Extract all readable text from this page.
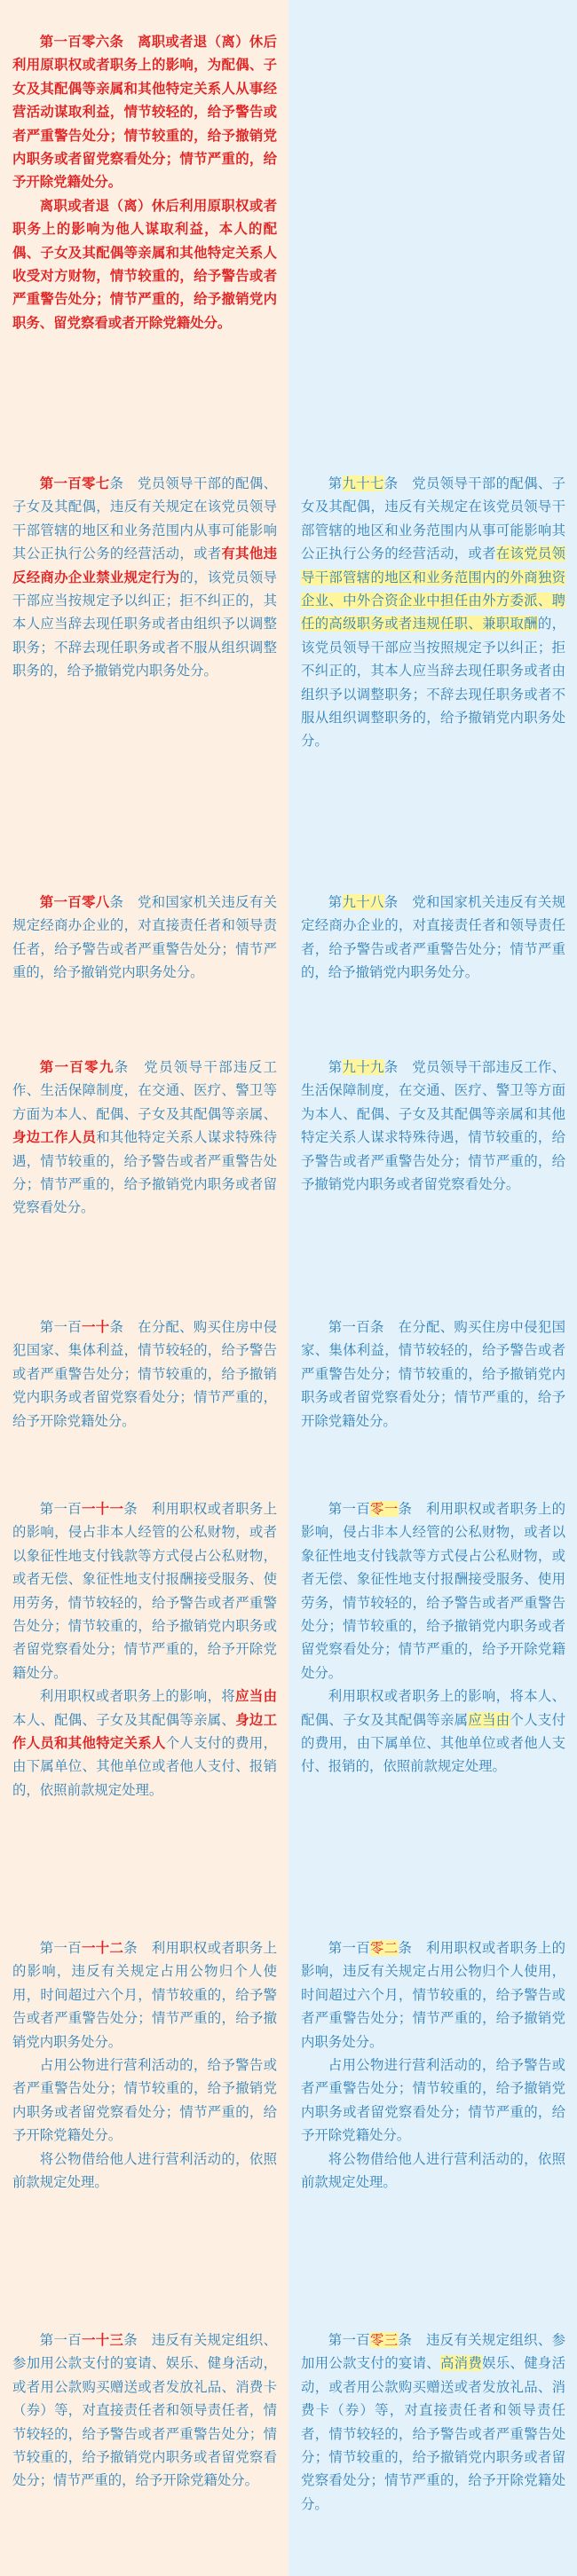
第一百零六条　离职或者退（离）休后利用原职权或者职务上的影响，为配偶、子女及其配偶等亲属和其他特定关系人从事经营活动谋取利益，情节较轻的，给予警告或者严重警告处分；情节较重的，给予撤销党内职务或者留党察看处分；情节严重的，给予开除党籍处分。

离职或者退（离）休后利用原职权或者职务上的影响为他人谋取利益，本人的配偶、子女及其配偶等亲属和其他特定关系人收受对方财物，情节较重的，给予警告或者严重警告处分；情节严重的，给予撤销党内职务、留党察看或者开除党籍处分。

第一百零七条　党员领导干部的配偶、子女及其配偶，违反有关规定在该党员领导干部管辖的地区和业务范围内从事可能影响其公正执行公务的经营活动，或者有其他违反经商办企业禁业规定行为的，该党员领导干部应当按规定予以纠正；拒不纠正的，其本人应当辞去现任职务或者由组织予以调整职务；不辞去现任职务或者不服从组织调整职务的，给予撤销党内职务处分。

第一百零八条　党和国家机关违反有关规定经商办企业的，对直接责任者和领导责任者，给予警告或者严重警告处分；情节严重的，给予撤销党内职务处分。

第一百零九条　党员领导干部违反工作、生活保障制度，在交通、医疗、警卫等方面为本人、配偶、子女及其配偶等亲属、身边工作人员和其他特定关系人谋求特殊待遇，情节较重的，给予警告或者严重警告处分；情节严重的，给予撤销党内职务或者留党察看处分。

第一百一十条　在分配、购买住房中侵犯国家、集体利益，情节较轻的，给予警告或者严重警告处分；情节较重的，给予撤销党内职务或者留党察看处分；情节严重的，给予开除党籍处分。

第一百一十一条　利用职权或者职务上的影响，侵占非本人经管的公私财物，或者以象征性地支付钱款等方式侵占公私财物，或者无偿、象征性地支付报酬接受服务、使用劳务，情节较轻的，给予警告或者严重警告处分；情节较重的，给予撤销党内职务或者留党察看处分；情节严重的，给予开除党籍处分。

利用职权或者职务上的影响，将应当由本人、配偶、子女及其配偶等亲属、身边工作人员和其他特定关系人个人支付的费用，由下属单位、其他单位或者他人支付、报销的，依照前款规定处理。

第一百一十二条　利用职权或者职务上的影响，违反有关规定占用公物归个人使用，时间超过六个月，情节较重的，给予警告或者严重警告处分；情节严重的，给予撤销党内职务处分。

占用公物进行营利活动的，给予警告或者严重警告处分；情节较重的，给予撤销党内职务或者留党察看处分；情节严重的，给予开除党籍处分。

将公物借给他人进行营利活动的，依照前款规定处理。

第一百一十三条　违反有关规定组织、参加用公款支付的宴请、娱乐、健身活动，或者用公款购买赠送或者发放礼品、消费卡（券）等，对直接责任者和领导责任者，情节较轻的，给予警告或者严重警告处分；情节较重的，给予撤销党内职务或者留党察看处分；情节严重的，给予开除党籍处分。

第九十七条　党员领导干部的配偶、子女及其配偶，违反有关规定在该党员领导干部管辖的地区和业务范围内从事可能影响其公正执行公务的经营活动，或者在该党员领导干部管辖的地区和业务范围内的外商独资企业、中外合资企业中担任由外方委派、聘任的高级职务或者违规任职、兼职取酬的，该党员领导干部应当按照规定予以纠正；拒不纠正的，其本人应当辞去现任职务或者由组织予以调整职务；不辞去现任职务或者不服从组织调整职务的，给予撤销党内职务处分。

第九十八条　党和国家机关违反有关规定经商办企业的，对直接责任者和领导责任者，给予警告或者严重警告处分；情节严重的，给予撤销党内职务处分。

第九十九条　党员领导干部违反工作、生活保障制度，在交通、医疗、警卫等方面为本人、配偶、子女及其配偶等亲属和其他特定关系人谋求特殊待遇，情节较重的，给予警告或者严重警告处分；情节严重的，给予撤销党内职务或者留党察看处分。

第一百条　在分配、购买住房中侵犯国家、集体利益，情节较轻的，给予警告或者严重警告处分；情节较重的，给予撤销党内职务或者留党察看处分；情节严重的，给予开除党籍处分。

第一百零一条　利用职权或者职务上的影响，侵占非本人经管的公私财物，或者以象征性地支付钱款等方式侵占公私财物，或者无偿、象征性地支付报酬接受服务、使用劳务，情节较轻的，给予警告或者严重警告处分；情节较重的，给予撤销党内职务或者留党察看处分；情节严重的，给予开除党籍处分。

利用职权或者职务上的影响，将本人、配偶、子女及其配偶等亲属应当由个人支付的费用，由下属单位、其他单位或者他人支付、报销的，依照前款规定处理。

第一百零二条　利用职权或者职务上的影响，违反有关规定占用公物归个人使用，时间超过六个月，情节较重的，给予警告或者严重警告处分；情节严重的，给予撤销党内职务处分。

占用公物进行营利活动的，给予警告或者严重警告处分；情节较重的，给予撤销党内职务或者留党察看处分；情节严重的，给予开除党籍处分。

将公物借给他人进行营利活动的，依照前款规定处理。

第一百零三条　违反有关规定组织、参加用公款支付的宴请、高消费娱乐、健身活动，或者用公款购买赠送或者发放礼品、消费卡（券）等，对直接责任者和领导责任者，情节较轻的，给予警告或者严重警告处分；情节较重的，给予撤销党内职务或者留党察看处分；情节严重的，给予开除党籍处分。
